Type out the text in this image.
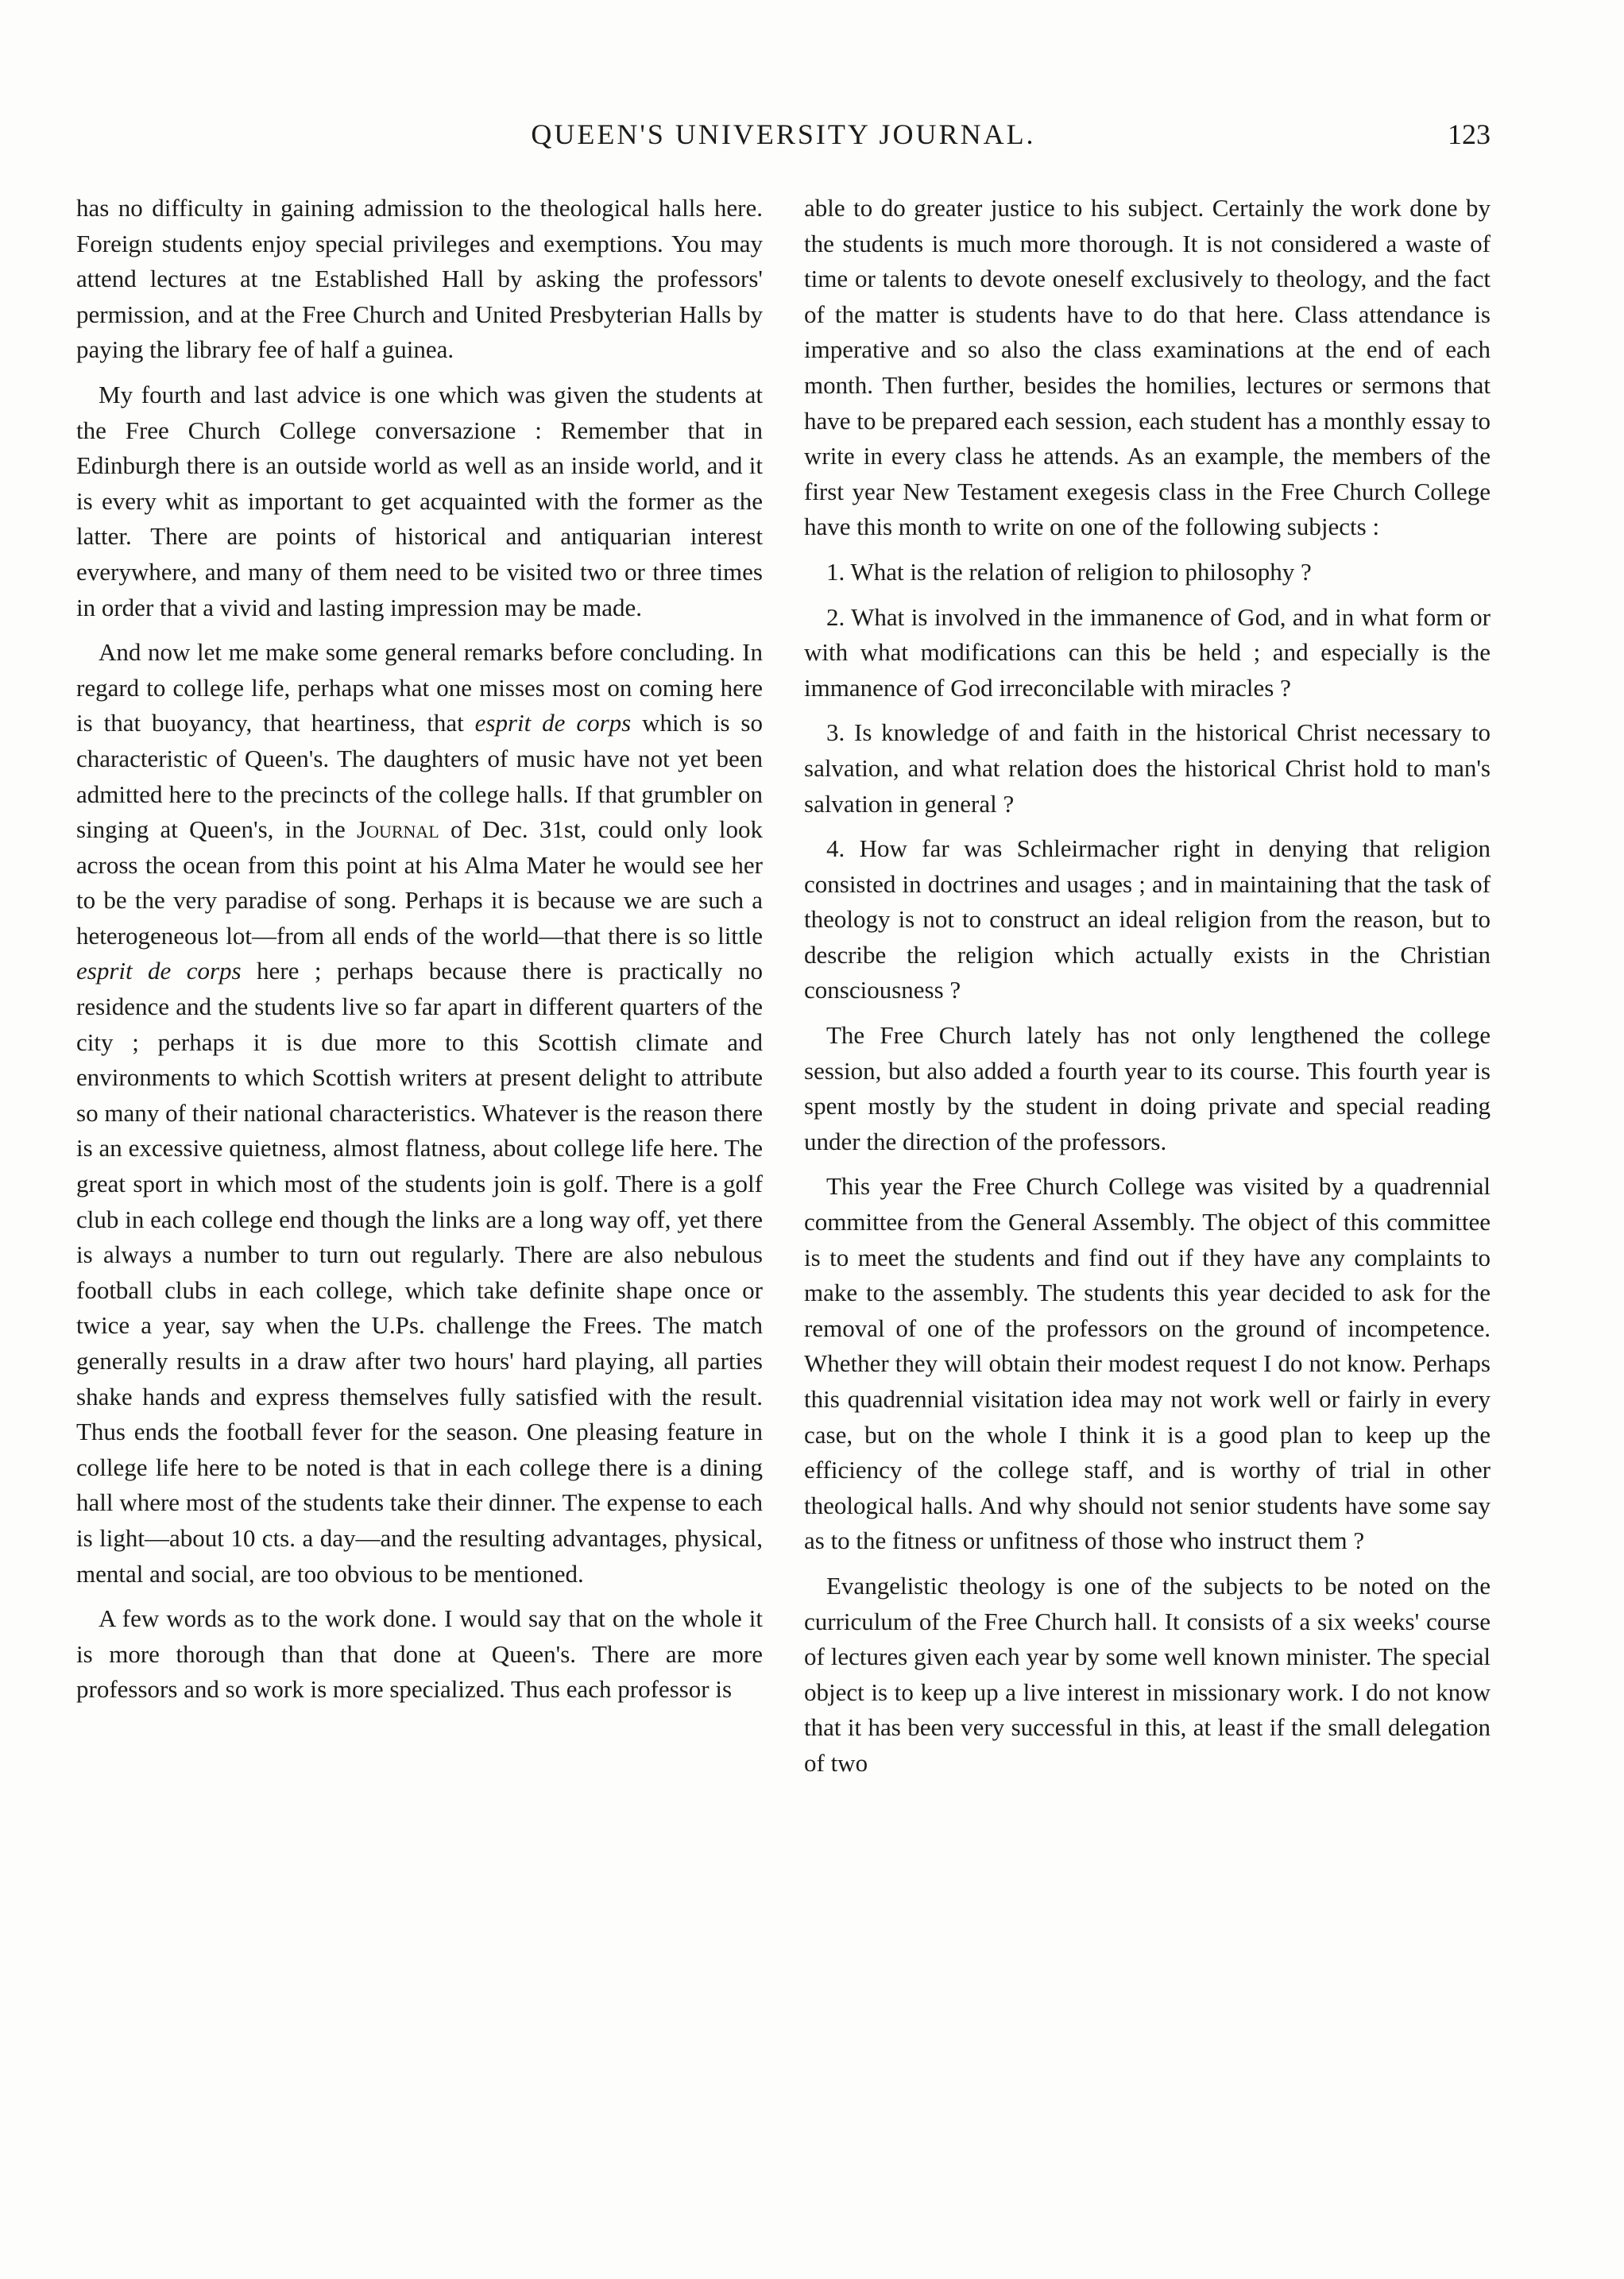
QUEEN'S UNIVERSITY JOURNAL.	123

has no difficulty in gaining admission to the theological halls here. Foreign students enjoy special privileges and exemptions. You may attend lectures at tne Established Hall by asking the professors' permission, and at the Free Church and United Presbyterian Halls by paying the library fee of half a guinea.

My fourth and last advice is one which was given the students at the Free Church College conversazione : Remember that in Edinburgh there is an outside world as well as an inside world, and it is every whit as important to get acquainted with the former as the latter. There are points of historical and antiquarian interest everywhere, and many of them need to be visited two or three times in order that a vivid and lasting impression may be made.

And now let me make some general remarks before concluding. In regard to college life, perhaps what one misses most on coming here is that buoyancy, that heartiness, that esprit de corps which is so characteristic of Queen's. The daughters of music have not yet been admitted here to the precincts of the college halls. If that grumbler on singing at Queen's, in the Journal of Dec. 31st, could only look across the ocean from this point at his Alma Mater he would see her to be the very paradise of song. Perhaps it is because we are such a heterogeneous lot—from all ends of the world—that there is so little esprit de corps here ; perhaps because there is practically no residence and the students live so far apart in different quarters of the city ; perhaps it is due more to this Scottish climate and environments to which Scottish writers at present delight to attribute so many of their national characteristics. Whatever is the reason there is an excessive quietness, almost flatness, about college life here. The great sport in which most of the students join is golf. There is a golf club in each college end though the links are a long way off, yet there is always a number to turn out regularly. There are also nebulous football clubs in each college, which take definite shape once or twice a year, say when the U.Ps. challenge the Frees. The match generally results in a draw after two hours' hard playing, all parties shake hands and express themselves fully satisfied with the result. Thus ends the football fever for the season. One pleasing feature in college life here to be noted is that in each college there is a dining hall where most of the students take their dinner. The expense to each is light—about 10 cts. a day—and the resulting advantages, physical, mental and social, are too obvious to be mentioned.

A few words as to the work done. I would say that on the whole it is more thorough than that done at Queen's. There are more professors and so work is more specialized. Thus each professor is

able to do greater justice to his subject. Certainly the work done by the students is much more thorough. It is not considered a waste of time or talents to devote oneself exclusively to theology, and the fact of the matter is students have to do that here. Class attendance is imperative and so also the class examinations at the end of each month. Then further, besides the homilies, lectures or sermons that have to be prepared each session, each student has a monthly essay to write in every class he attends. As an example, the members of the first year New Testament exegesis class in the Free Church College have this month to write on one of the following subjects :

1. What is the relation of religion to philosophy ?

2. What is involved in the immanence of God, and in what form or with what modifications can this be held ; and especially is the immanence of God irreconcilable with miracles ?

3. Is knowledge of and faith in the historical Christ necessary to salvation, and what relation does the historical Christ hold to man's salvation in general ?

4. How far was Schleirmacher right in denying that religion consisted in doctrines and usages ; and in maintaining that the task of theology is not to construct an ideal religion from the reason, but to describe the religion which actually exists in the Christian consciousness ?

The Free Church lately has not only lengthened the college session, but also added a fourth year to its course. This fourth year is spent mostly by the student in doing private and special reading under the direction of the professors.

This year the Free Church College was visited by a quadrennial committee from the General Assembly. The object of this committee is to meet the students and find out if they have any complaints to make to the assembly. The students this year decided to ask for the removal of one of the professors on the ground of incompetence. Whether they will obtain their modest request I do not know. Perhaps this quadrennial visitation idea may not work well or fairly in every case, but on the whole I think it is a good plan to keep up the efficiency of the college staff, and is worthy of trial in other theological halls. And why should not senior students have some say as to the fitness or unfitness of those who instruct them ?

Evangelistic theology is one of the subjects to be noted on the curriculum of the Free Church hall. It consists of a six weeks' course of lectures given each year by some well known minister. The special object is to keep up a live interest in missionary work. I do not know that it has been very successful in this, at least if the small delegation of two
